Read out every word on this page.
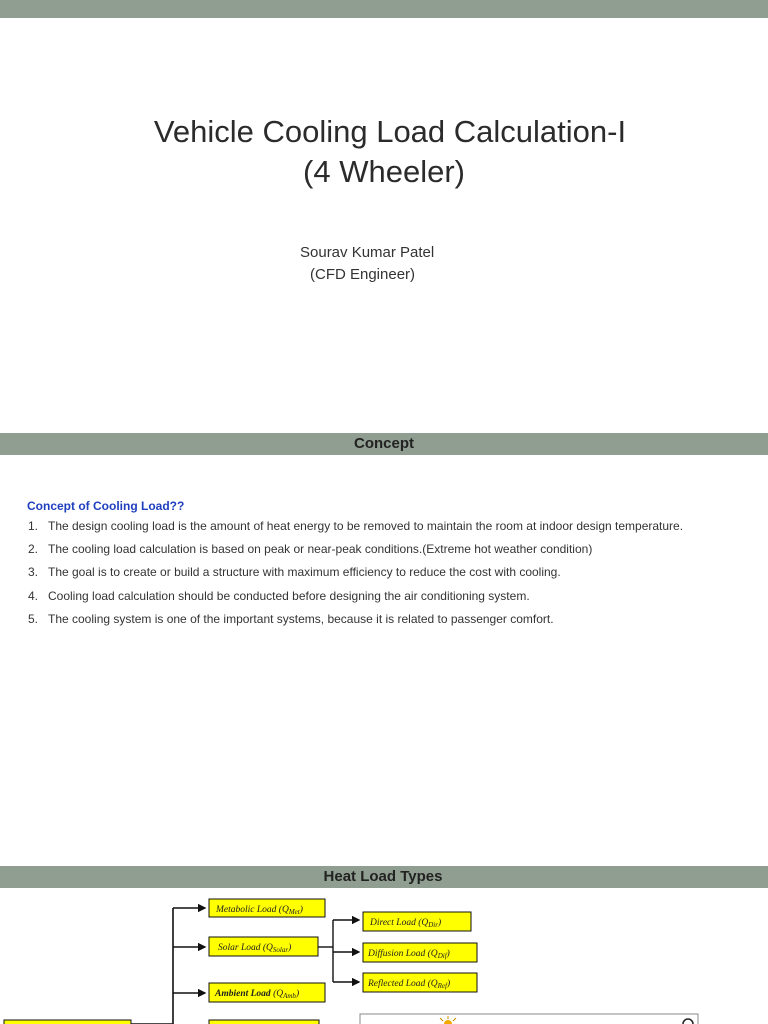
Vehicle Cooling Load Calculation-I
(4 Wheeler)
Sourav Kumar Patel
(CFD Engineer)
Concept
Concept of Cooling Load??
1. The design cooling load is the amount of heat energy to be removed to maintain the room at indoor design temperature.
2. The cooling load calculation is based on peak or near-peak conditions.(Extreme hot weather condition)
3. The goal is to create or build a structure with maximum efficiency to reduce the cost with cooling.
4. Cooling load calculation should be conducted before designing the air conditioning system.
5. The cooling system is one of the important systems, because it is related to passenger comfort.
Heat Load Types
Metabolic Load $(Q_{Met})$
Solar Load $(Q_{Solar})$
Ambient Load $(Q_{Amb})$
Direct Load $(Q_{Dir})$
Diffusion Load $(Q_{Dif})$
Reflected Load $(Q_{Ref})$
